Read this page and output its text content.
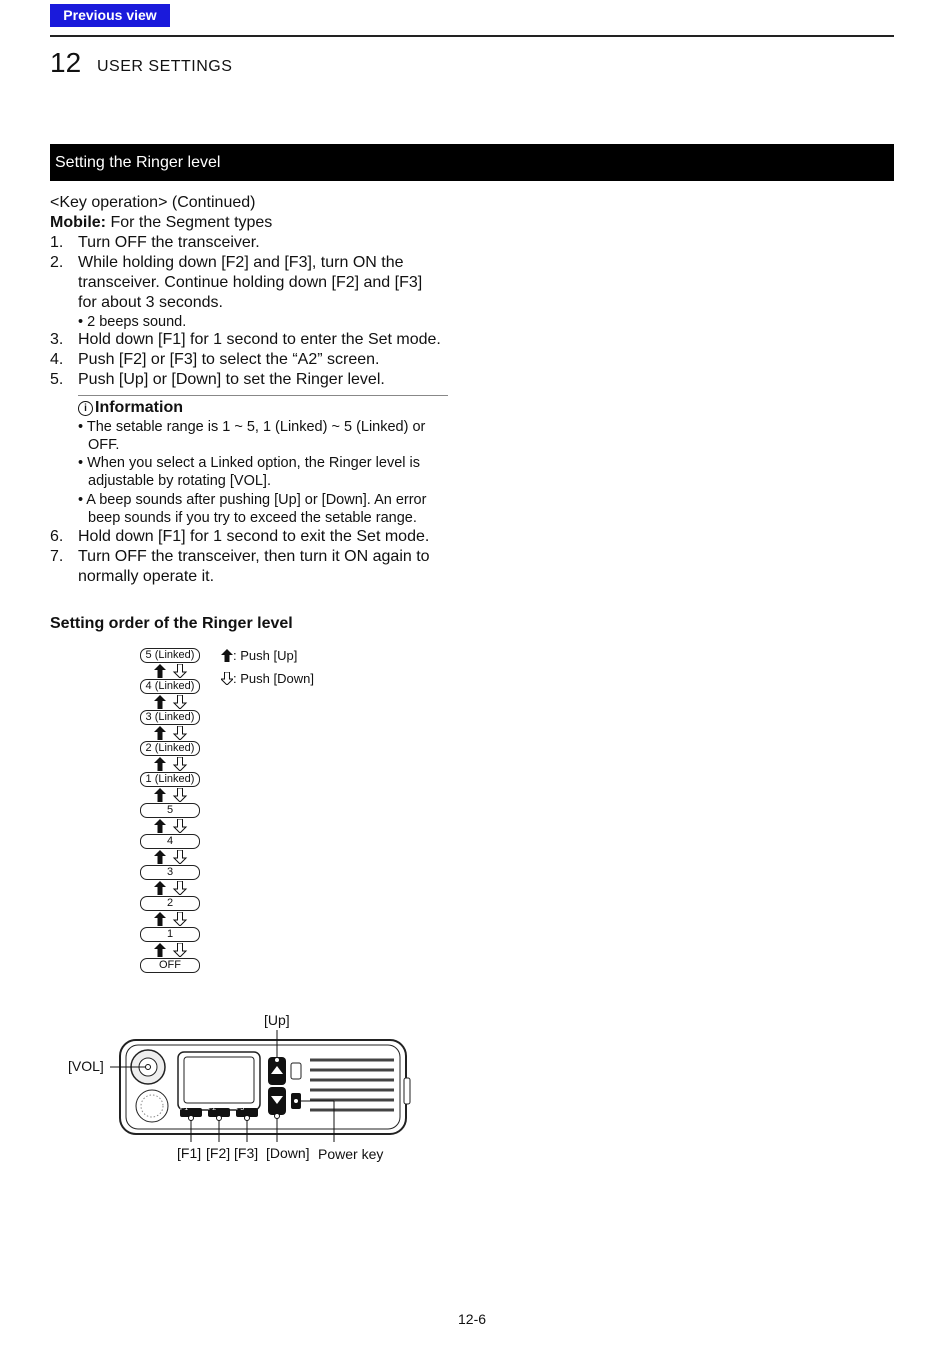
Previous view
12 USER SETTINGS
Setting the Ringer level
<Key operation> (Continued)
Mobile: For the Segment types
1. Turn OFF the transceiver.
2. While holding down [F2] and [F3], turn ON the
transceiver. Continue holding down [F2] and [F3]
for about 3 seconds.
• 2 beeps sound.
3. Hold down [F1] for 1 second to enter the Set mode.
4. Push [F2] or [F3] to select the “A2” screen.
5. Push [Up] or [Down] to set the Ringer level.
i Information
• The setable range is 1 ~ 5, 1 (Linked) ~ 5 (Linked) or
OFF.
• When you select a Linked option, the Ringer level is
adjustable by rotating [VOL].
• A beep sounds after pushing [Up] or [Down]. An error
beep sounds if you try to exceed the setable range.
6. Hold down [F1] for 1 second to exit the Set mode.
7. Turn OFF the transceiver, then turn it ON again to
normally operate it.
Setting order of the Ringer level
5 (Linked)
4 (Linked)
3 (Linked)
2 (Linked)
1 (Linked)
5
4
3
2
1
OFF
: Push [Up]
: Push [Down]
F1	F2	F3
[Up]
[VOL]
[F1] [F2] [F3] [Down] Power key
12-6
